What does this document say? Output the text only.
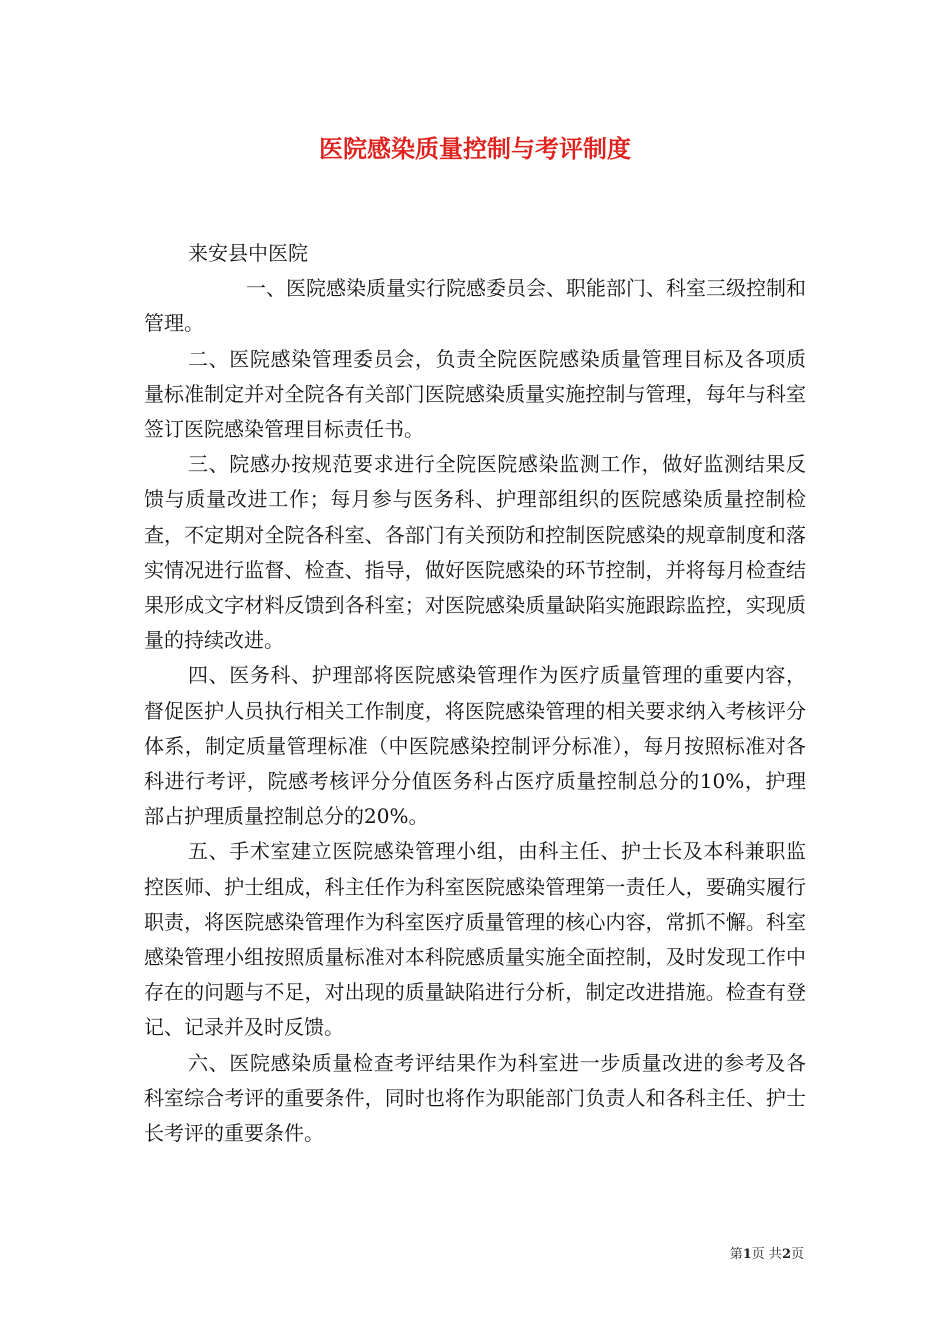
医院感染质量控制与考评制度

来安县中医院

一、医院感染质量实行院感委员会、职能部门、科室三级控制和管理。

二、医院感染管理委员会，负责全院医院感染质量管理目标及各项质量标准制定并对全院各有关部门医院感染质量实施控制与管理，每年与科室签订医院感染管理目标责任书。

三、院感办按规范要求进行全院医院感染监测工作，做好监测结果反馈与质量改进工作；每月参与医务科、护理部组织的医院感染质量控制检查，不定期对全院各科室、各部门有关预防和控制医院感染的规章制度和落实情况进行监督、检查、指导，做好医院感染的环节控制，并将每月检查结果形成文字材料反馈到各科室；对医院感染质量缺陷实施跟踪监控，实现质量的持续改进。

四、医务科、护理部将医院感染管理作为医疗质量管理的重要内容，督促医护人员执行相关工作制度，将医院感染管理的相关要求纳入考核评分体系，制定质量管理标准（中医院感染控制评分标准），每月按照标准对各科进行考评，院感考核评分分值医务科占医疗质量控制总分的10%，护理部占护理质量控制总分的20%。

五、手术室建立医院感染管理小组，由科主任、护士长及本科兼职监控医师、护士组成，科主任作为科室医院感染管理第一责任人，要确实履行职责，将医院感染管理作为科室医疗质量管理的核心内容，常抓不懈。科室感染管理小组按照质量标准对本科院感质量实施全面控制，及时发现工作中存在的问题与不足，对出现的质量缺陷进行分析，制定改进措施。检查有登记、记录并及时反馈。

六、医院感染质量检查考评结果作为科室进一步质量改进的参考及各科室综合考评的重要条件，同时也将作为职能部门负责人和各科主任、护士长考评的重要条件。

第1页 共2页
